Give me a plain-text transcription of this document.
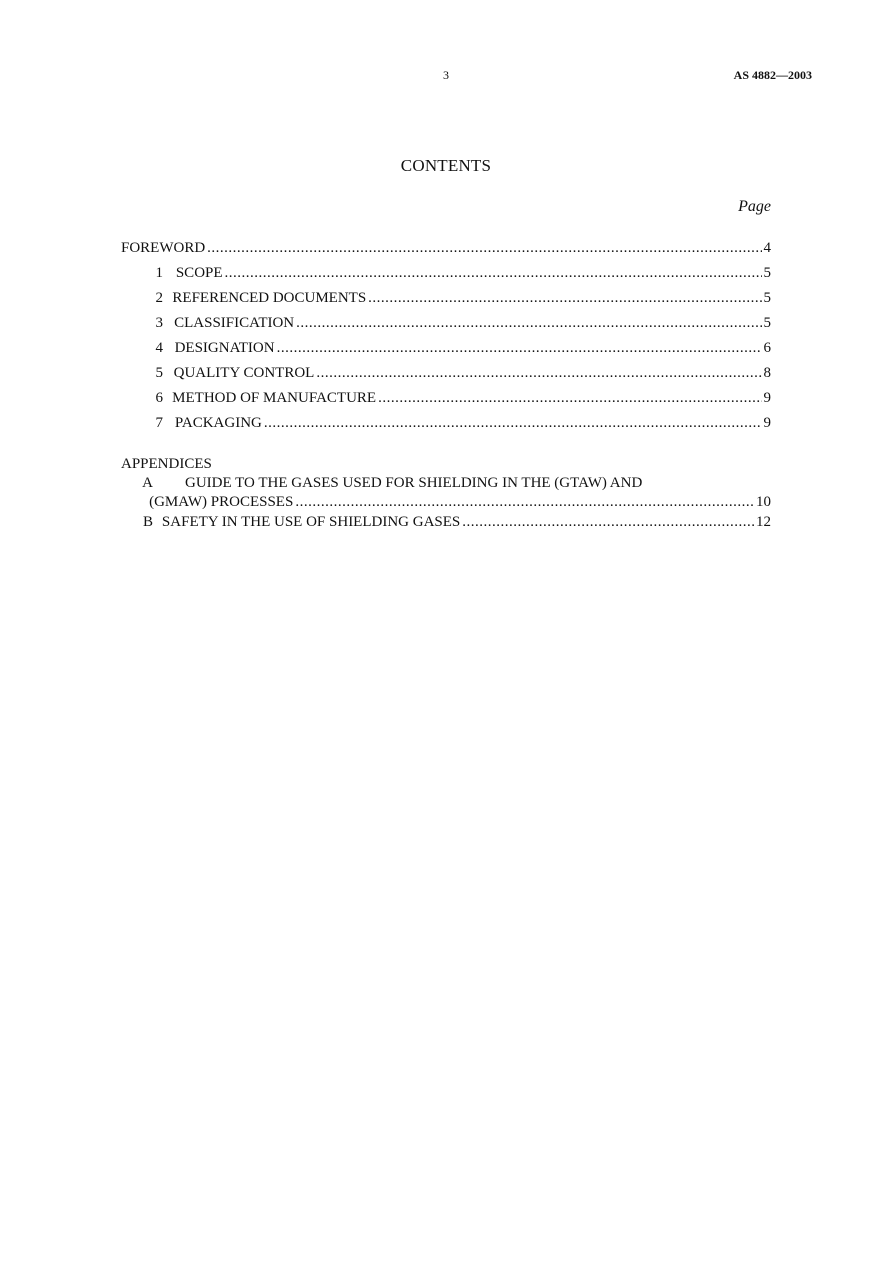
3	AS 4882—2003
CONTENTS
Page
FOREWORD .....	4
1 SCOPE .....	5
2 REFERENCED DOCUMENTS .....	5
3 CLASSIFICATION .....	5
4 DESIGNATION .....	6
5 QUALITY CONTROL .....	8
6 METHOD OF MANUFACTURE .....	9
7 PACKAGING .....	9
APPENDICES
A GUIDE TO THE GASES USED FOR SHIELDING IN THE (GTAW) AND
(GMAW) PROCESSES .....	10
B SAFETY IN THE USE OF SHIELDING GASES .....	12
